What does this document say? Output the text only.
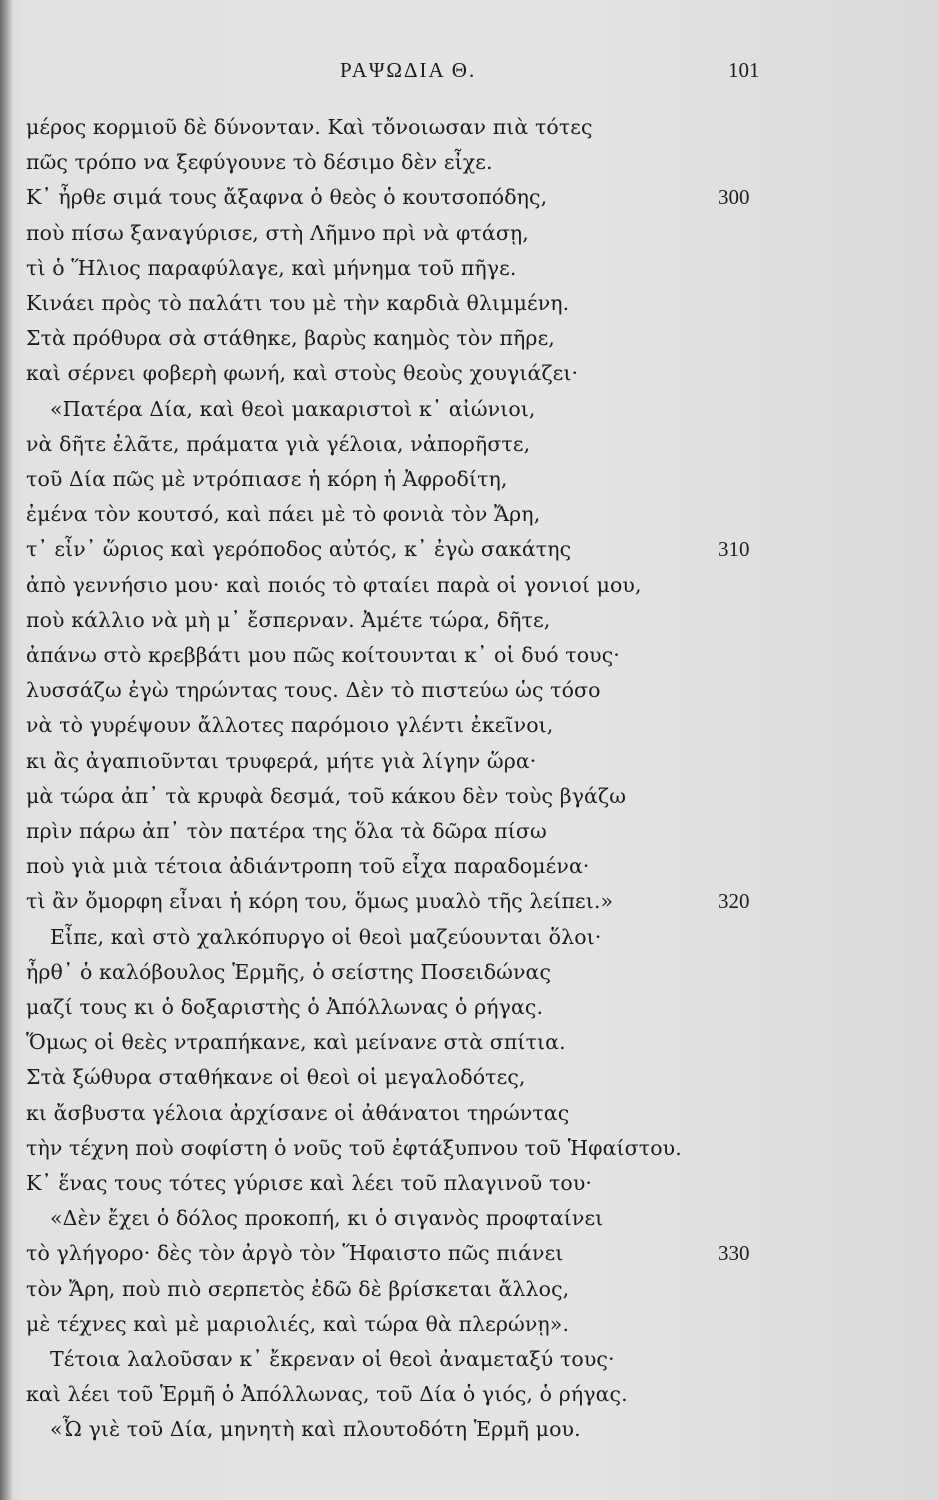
ΡΑΨΩΔΙΑ Θ.	101
μέρος κορμιοῦ δὲ δύνονταν. Καὶ τὄνοιωσαν πιὰ τότες
πῶς τρόπο να ξεφύγουνε τὸ δέσιμο δὲν εἶχε.
Κ᾽ ἦρθε σιμά τους ἄξαφνα ὁ θεὸς ὁ κουτσοπόδης,	300
ποὺ πίσω ξαναγύρισε, στὴ Λῆμνο πρὶ νὰ φτάσῃ,
τὶ ὁ Ἥλιος παραφύλαγε, καὶ μήνημα τοῦ πῆγε.
Κινάει πρὸς τὸ παλάτι του μὲ τὴν καρδιὰ θλιμμένη.
Στὰ πρόθυρα σὰ στάθηκε, βαρὺς καημὸς τὸν πῆρε,
καὶ σέρνει φοβερὴ φωνή, καὶ στοὺς θεοὺς χουγιάζει·
«Πατέρα Δία, καὶ θεοὶ μακαριστοὶ κ᾽ αἰώνιοι,
νὰ δῆτε ἐλᾶτε, πράματα γιὰ γέλοια, νἀπορῆστε,
τοῦ Δία πῶς μὲ ντρόπιασε ἡ κόρη ἡ Ἀφροδίτη,
ἐμένα τὸν κουτσό, καὶ πάει μὲ τὸ φονιὰ τὸν Ἄρη,
τ᾽ εἶν᾽ ὥριος καὶ γερόποδος αὐτός, κ᾽ ἐγὼ σακάτης	310
ἀπὸ γεννήσιο μου· καὶ ποιός τὸ φταίει παρὰ οἱ γονιοί μου,
ποὺ κάλλιο νὰ μὴ μ᾽ ἔσπερναν. Ἀμέτε τώρα, δῆτε,
ἀπάνω στὸ κρεββάτι μου πῶς κοίτουνται κ᾽ οἱ δυό τους·
λυσσάζω ἐγὼ τηρώντας τους. Δὲν τὸ πιστεύω ὡς τόσο
νὰ τὸ γυρέψουν ἄλλοτες παρόμοιο γλέντι ἐκεῖνοι,
κι ἂς ἀγαπιοῦνται τρυφερά, μήτε γιὰ λίγην ὥρα·
μὰ τώρα ἀπ᾽ τὰ κρυφὰ δεσμά, τοῦ κάκου δὲν τοὺς βγάζω
πρὶν πάρω ἀπ᾽ τὸν πατέρα της ὅλα τὰ δῶρα πίσω
ποὺ γιὰ μιὰ τέτοια ἀδιάντροπη τοῦ εἶχα παραδομένα·
τὶ ἂν ὄμορφη εἶναι ἡ κόρη του, ὅμως μυαλὸ τῆς λείπει.»	320
Εἶπε, καὶ στὸ χαλκόπυργο οἱ θεοὶ μαζεύουνται ὅλοι·
ἦρθ᾽ ὁ καλόβουλος Ἑρμῆς, ὁ σείστης Ποσειδώνας
μαζί τους κι ὁ δοξαριστὴς ὁ Ἀπόλλωνας ὁ ρήγας.
Ὅμως οἱ θεὲς ντραπήκανε, καὶ μείνανε στὰ σπίτια.
Στὰ ξώθυρα σταθήκανε οἱ θεοὶ οἱ μεγαλοδότες,
κι ἄσβυστα γέλοια ἀρχίσανε οἱ ἀθάνατοι τηρώντας
τὴν τέχνη ποὺ σοφίστη ὁ νοῦς τοῦ ἐφτάξυπνου τοῦ Ἡφαίστου.
Κ᾽ ἕνας τους τότες γύρισε καὶ λέει τοῦ πλαγινοῦ του·
«Δὲν ἔχει ὁ δόλος προκοπή, κι ὁ σιγανὸς προφταίνει
τὸ γλήγορο· δὲς τὸν ἀργὸ τὸν Ἥφαιστο πῶς πιάνει	330
τὸν Ἄρη, ποὺ πιὸ σερπετὸς ἐδῶ δὲ βρίσκεται ἄλλος,
μὲ τέχνες καὶ μὲ μαριολιές, καὶ τώρα θὰ πλερώνῃ».
Τέτοια λαλοῦσαν κ᾽ ἔκρεναν οἱ θεοὶ ἀναμεταξύ τους·
καὶ λέει τοῦ Ἑρμῆ ὁ Ἀπόλλωνας, τοῦ Δία ὁ γιός, ὁ ρήγας.
«Ὦ γιὲ τοῦ Δία, μηνητὴ καὶ πλουτοδότη Ἑρμῆ μου.
